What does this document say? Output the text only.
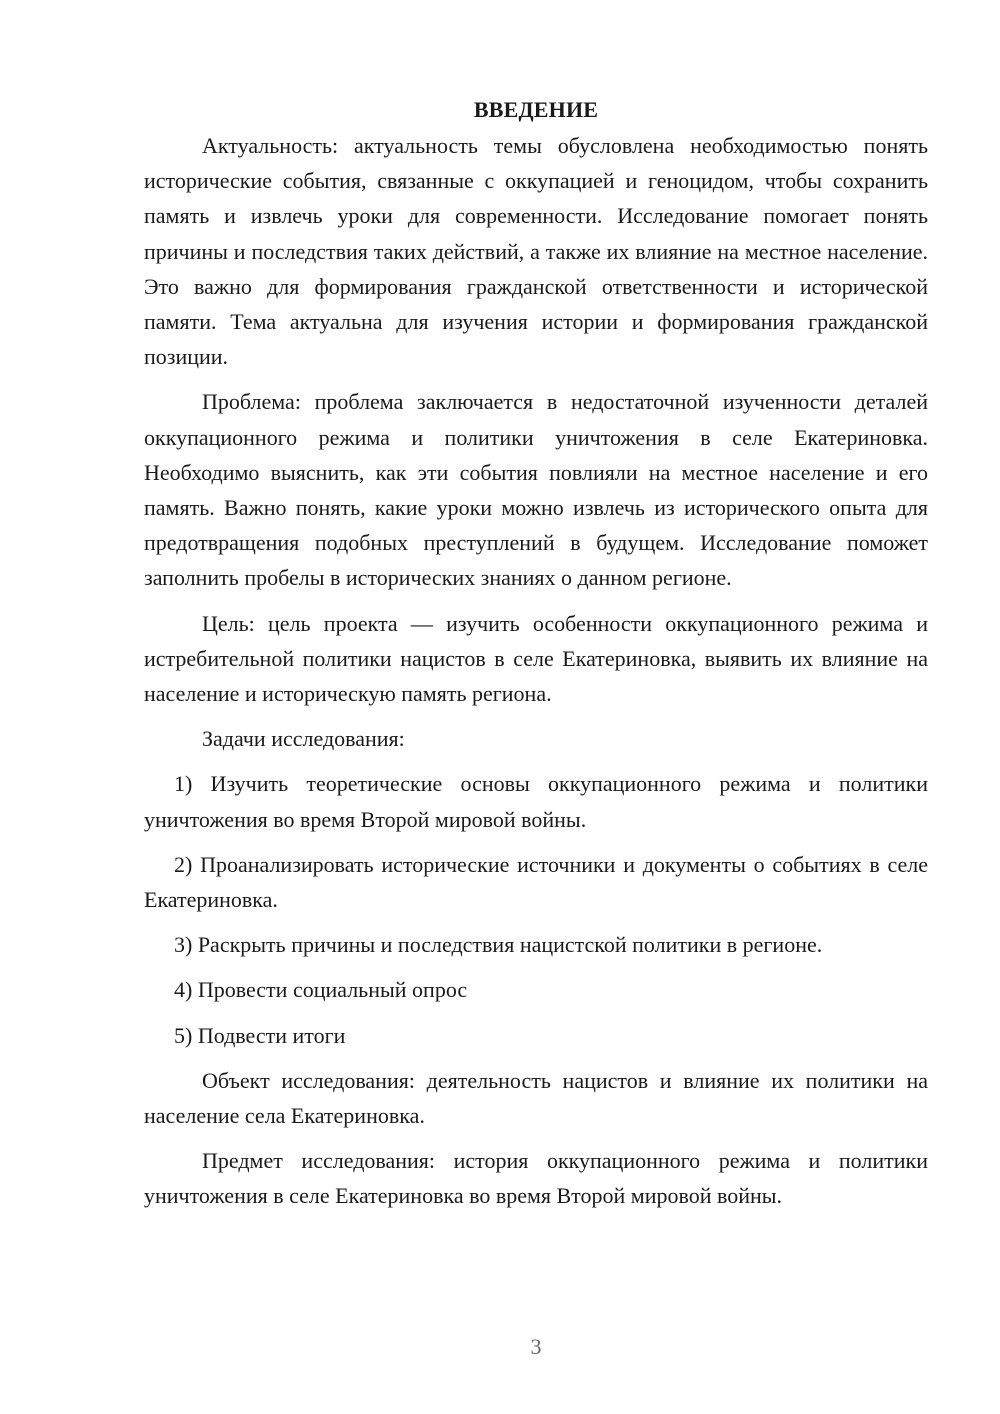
ВВЕДЕНИЕ

Актуальность: актуальность темы обусловлена необходимостью понять исторические события, связанные с оккупацией и геноцидом, чтобы сохранить память и извлечь уроки для современности. Исследование помогает понять причины и последствия таких действий, а также их влияние на местное население. Это важно для формирования гражданской ответственности и исторической памяти. Тема актуальна для изучения истории и формирования гражданской позиции.

Проблема: проблема заключается в недостаточной изученности деталей оккупационного режима и политики уничтожения в селе Екатериновка. Необходимо выяснить, как эти события повлияли на местное население и его память. Важно понять, какие уроки можно извлечь из исторического опыта для предотвращения подобных преступлений в будущем. Исследование поможет заполнить пробелы в исторических знаниях о данном регионе.

Цель: цель проекта — изучить особенности оккупационного режима и истребительной политики нацистов в селе Екатериновка, выявить их влияние на население и историческую память региона.

Задачи исследования:

1) Изучить теоретические основы оккупационного режима и политики уничтожения во время Второй мировой войны.

2) Проанализировать исторические источники и документы о событиях в селе Екатериновка.

3) Раскрыть причины и последствия нацистской политики в регионе.

4) Провести социальный опрос

5) Подвести итоги

Объект исследования: деятельность нацистов и влияние их политики на население села Екатериновка.

Предмет исследования: история оккупационного режима и политики уничтожения в селе Екатериновка во время Второй мировой войны.

3
